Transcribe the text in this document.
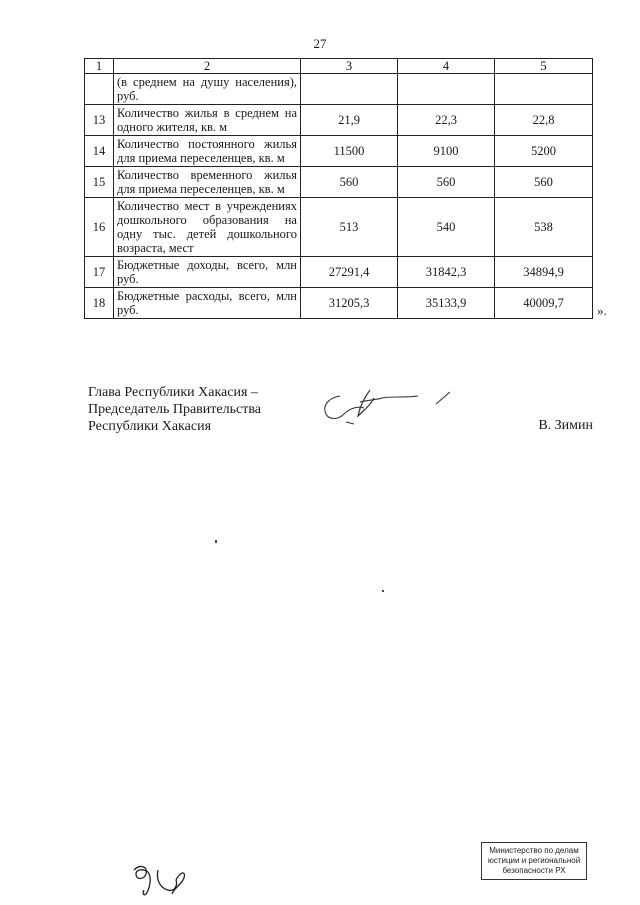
27
1	2	3	4	5
	(в среднем на душу населения), руб.			
13	Количество жилья в среднем на одного жителя, кв. м	21,9	22,3	22,8
14	Количество постоянного жилья для приема переселенцев, кв. м	11500	9100	5200
15	Количество временного жилья для приема переселенцев, кв. м	560	560	560
16	Количество мест в учреждениях дошкольного образования на одну тыс. детей дошкольного возраста, мест	513	540	538
17	Бюджетные доходы, всего, млн руб.	27291,4	31842,3	34894,9
18	Бюджетные расходы, всего, млн руб.	31205,3	35133,9	40009,7	».
Глава Республики Хакасия –
Председатель Правительства
Республики Хакасия	В. Зимин
Министерство по делам
юстиции и региональной
безопасности РХ
